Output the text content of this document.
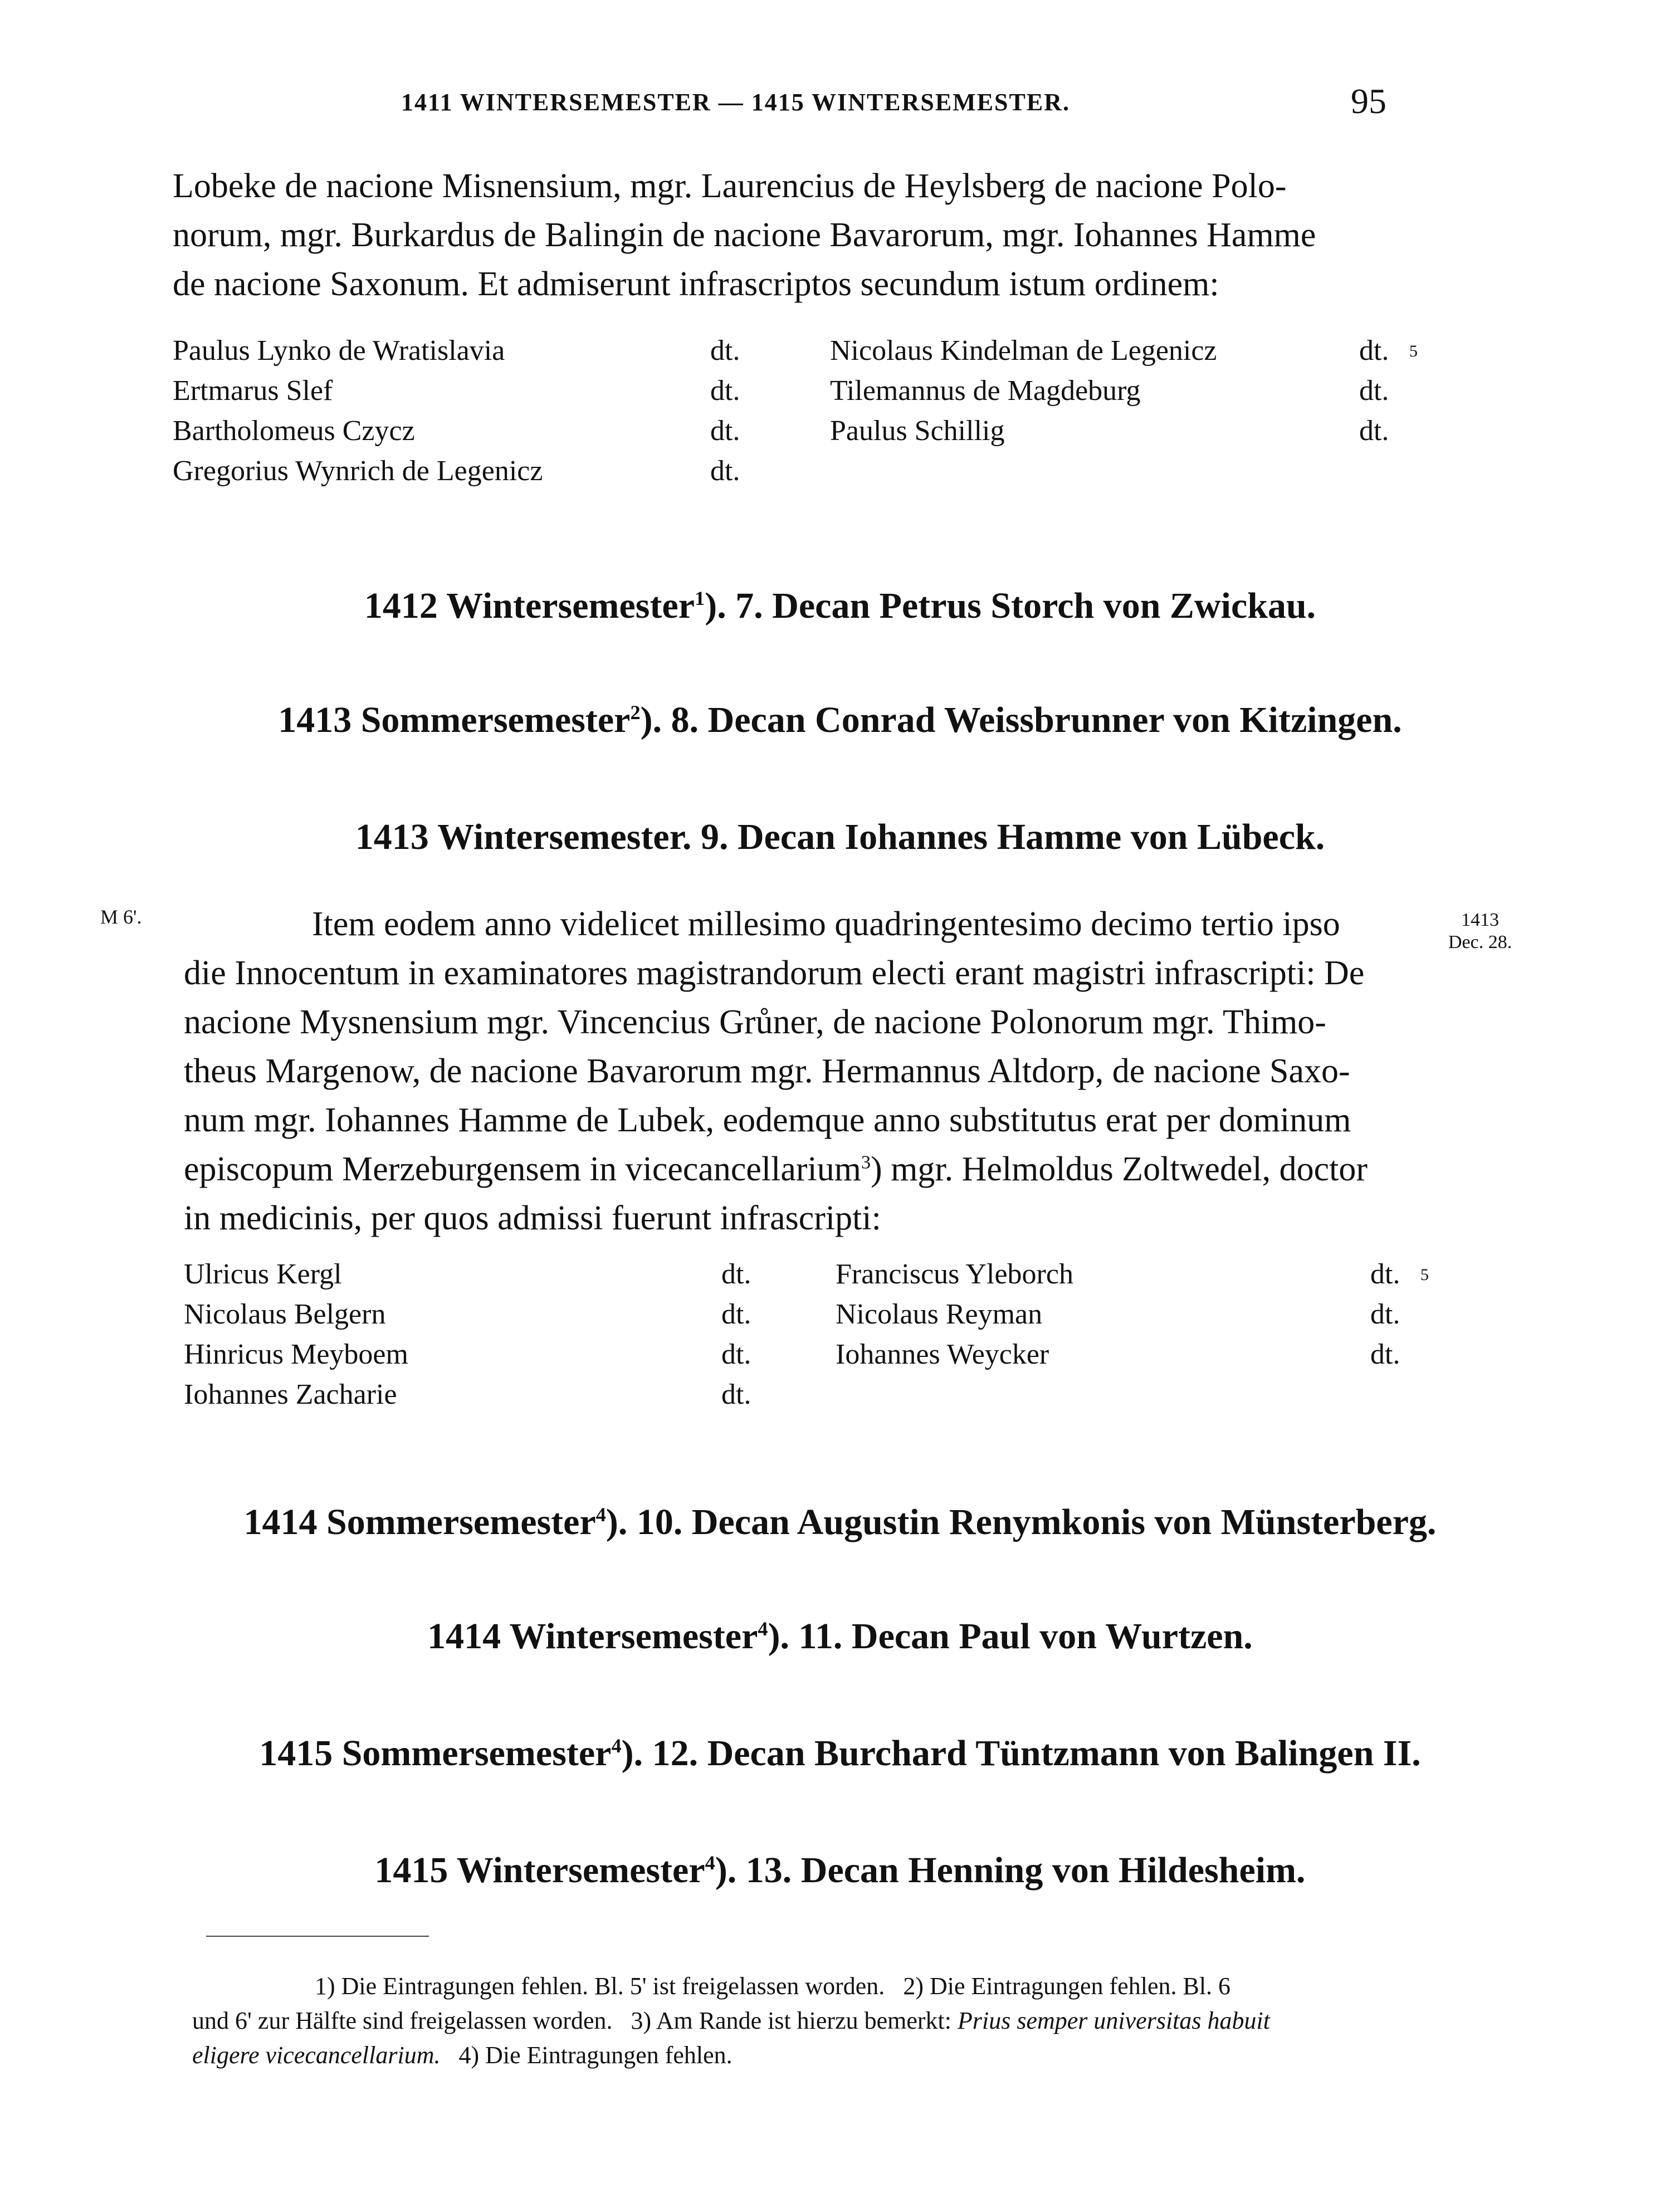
1411 WINTERSEMESTER — 1415 WINTERSEMESTER.	95

Lobeke de nacione Misnensium, mgr. Laurencius de Heylsberg de nacione Polo-
norum, mgr. Burkardus de Balingin de nacione Bavarorum, mgr. Iohannes Hamme
de nacione Saxonum. Et admiserunt infrascriptos secundum istum ordinem:

Paulus Lynko de Wratislavia	dt.	Nicolaus Kindelman de Legenicz	dt. 5
Ertmarus Slef	dt.	Tilemannus de Magdeburg	dt.
Bartholomeus Czycz	dt.	Paulus Schillig	dt.
Gregorius Wynrich de Legenicz	dt.
1412 Wintersemester$^1$). 7. Decan Petrus Storch von Zwickau.
1413 Sommersemester$^2$). 8. Decan Conrad Weissbrunner von Kitzingen.
1413 Wintersemester. 9. Decan Iohannes Hamme von Lübeck.
M 6'.	1413
Dec. 28.

Item eodem anno videlicet millesimo quadringentesimo decimo tertio ipso
die Innocentum in examinatores magistrandorum electi erant magistri infrascripti: De
nacione Mysnensium mgr. Vincencius Grůner, de nacione Polonorum mgr. Thimo-
theus Margenow, de nacione Bavarorum mgr. Hermannus Altdorp, de nacione Saxo-
num mgr. Iohannes Hamme de Lubek, eodemque anno substitutus erat per dominum
episcopum Merzeburgensem in vicecancellarium$^3$) mgr. Helmoldus Zoltwedel, doctor
in medicinis, per quos admissi fuerunt infrascripti:

Ulricus Kergl	dt.	Franciscus Yleborch	dt. 5
Nicolaus Belgern	dt.	Nicolaus Reyman	dt.
Hinricus Meyboem	dt.	Iohannes Weycker	dt.
Iohannes Zacharie	dt.
1414 Sommersemester$^4$). 10. Decan Augustin Renymkonis von Münsterberg.
1414 Wintersemester$^4$). 11. Decan Paul von Wurtzen.
1415 Sommersemester$^4$). 12. Decan Burchard Tüntzmann von Balingen II.
1415 Wintersemester$^4$). 13. Decan Henning von Hildesheim.
1) Die Eintragungen fehlen. Bl. 5' ist freigelassen worden. 2) Die Eintragungen fehlen. Bl. 6
und 6' zur Hälfte sind freigelassen worden. 3) Am Rande ist hierzu bemerkt: Prius semper universitas habuit
eligere vicecancellarium. 4) Die Eintragungen fehlen.
